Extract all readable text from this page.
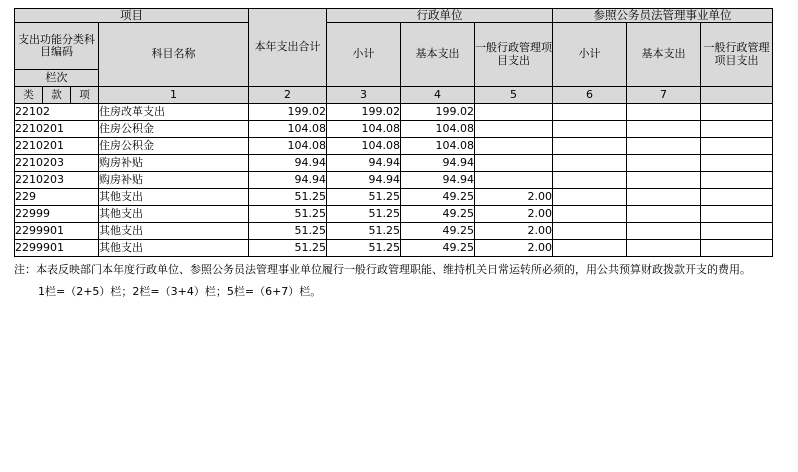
项目				本年支出合计	行政单位			参照公务员法管理事业单位		
支出功能分类科目编码			科目名称		小计	基本支出	一般行政管理项目支出	小计	基本支出	一般行政管理项目支出
栏次										
类	款	项	1	2	3	4	5	6	7	
22102			住房改革支出	199.02	199.02	199.02				
2210201			住房公积金	104.08	104.08	104.08				
2210201			住房公积金	104.08	104.08	104.08				
2210203			购房补贴	94.94	94.94	94.94				
2210203			购房补贴	94.94	94.94	94.94				
229			其他支出	51.25	51.25	49.25	2.00			
22999			其他支出	51.25	51.25	49.25	2.00			
2299901			其他支出	51.25	51.25	49.25	2.00			
2299901			其他支出	51.25	51.25	49.25	2.00			
注：本表反映部门本年度行政单位、参照公务员法管理事业单位履行一般行政管理职能、维持机关日常运转所必须的，用公共预算财政拨款开支的费用。
1栏=（2+5）栏；2栏=（3+4）栏；5栏=（6+7）栏。
